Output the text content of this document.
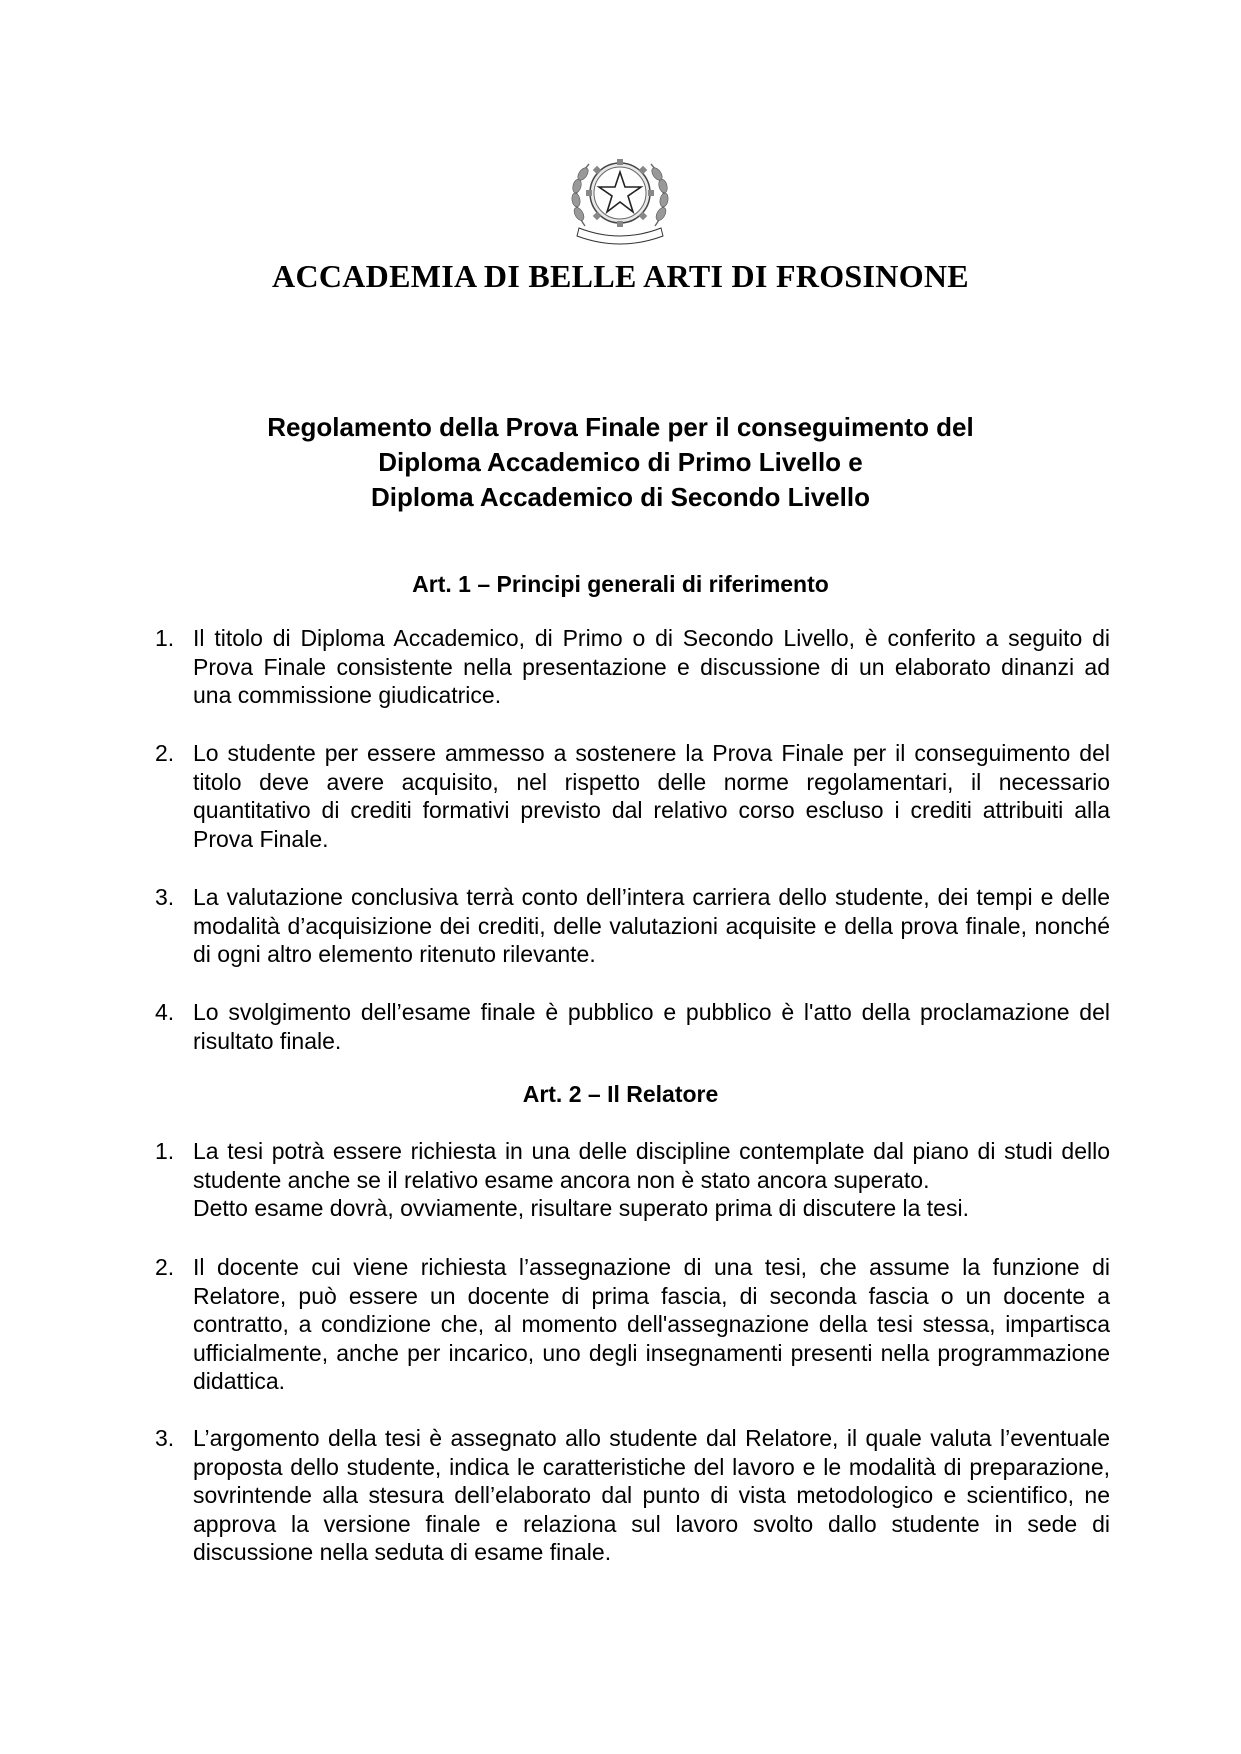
ACCADEMIA DI BELLE ARTI DI FROSINONE
Regolamento della Prova Finale per il conseguimento del
Diploma Accademico di Primo Livello e
Diploma Accademico di Secondo Livello
Art. 1 – Principi generali di riferimento
1. Il titolo di Diploma Accademico, di Primo o di Secondo Livello, è conferito a seguito di Prova Finale consistente nella presentazione e discussione di un elaborato dinanzi ad una commissione giudicatrice.
2. Lo studente per essere ammesso a sostenere la Prova Finale per il conseguimento del titolo deve avere acquisito, nel rispetto delle norme regolamentari, il necessario quantitativo di crediti formativi previsto dal relativo corso escluso i crediti attribuiti alla Prova Finale.
3. La valutazione conclusiva terrà conto dell’intera carriera dello studente, dei tempi e delle modalità d’acquisizione dei crediti, delle valutazioni acquisite e della prova finale, nonché di ogni altro elemento ritenuto rilevante.
4. Lo svolgimento dell’esame finale è pubblico e pubblico è l'atto della proclamazione del risultato finale.
Art. 2 – Il Relatore
1. La tesi potrà essere richiesta in una delle discipline contemplate dal piano di studi dello studente anche se il relativo esame ancora non è stato ancora superato.
Detto esame dovrà, ovviamente, risultare superato prima di discutere la tesi.
2. Il docente cui viene richiesta l’assegnazione di una tesi, che assume la funzione di Relatore, può essere un docente di prima fascia, di seconda fascia o un docente a contratto, a condizione che, al momento dell'assegnazione della tesi stessa, impartisca ufficialmente, anche per incarico, uno degli insegnamenti presenti nella programmazione didattica.
3. L’argomento della tesi è assegnato allo studente dal Relatore, il quale valuta l’eventuale proposta dello studente, indica le caratteristiche del lavoro e le modalità di preparazione, sovrintende alla stesura dell’elaborato dal punto di vista metodologico e scientifico, ne approva la versione finale e relaziona sul lavoro svolto dallo studente in sede di discussione nella seduta di esame finale.
